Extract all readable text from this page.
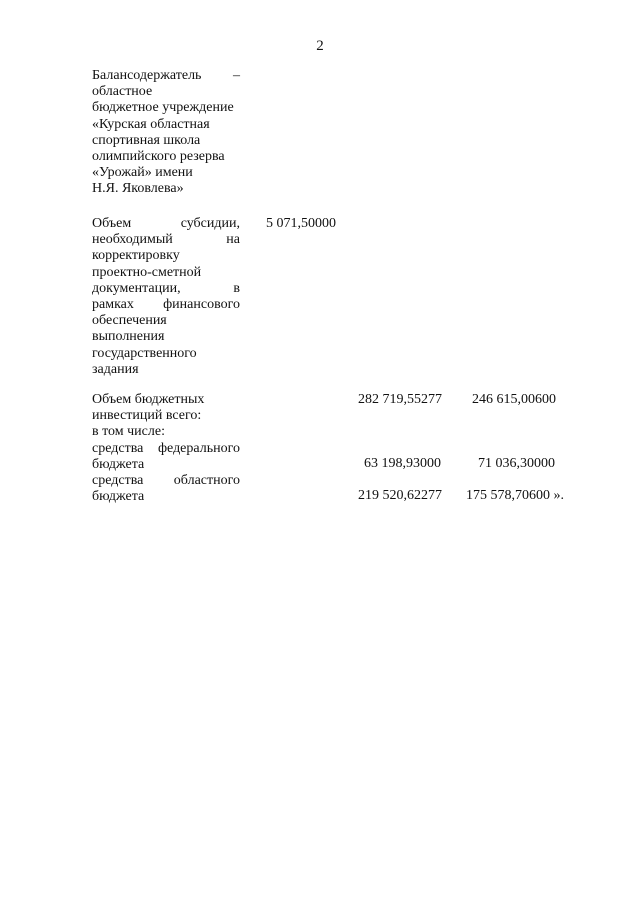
2
Балансодержатель –
областное
бюджетное учреждение
«Курская областная
спортивная школа
олимпийского резерва
«Урожай» имени
Н.Я. Яковлева»
Объем субсидии,
необходимый на
корректировку
проектно-сметной
документации, в
рамках финансового
обеспечения
выполнения
государственного
задания
5 071,50000
Объем бюджетных
инвестиций всего:
в том числе:
средства федерального
бюджета
средства областного
бюджета
282 719,55277 246 615,00600
63 198,93000	71 036,30000
219 520,62277 175 578,70600 ».
